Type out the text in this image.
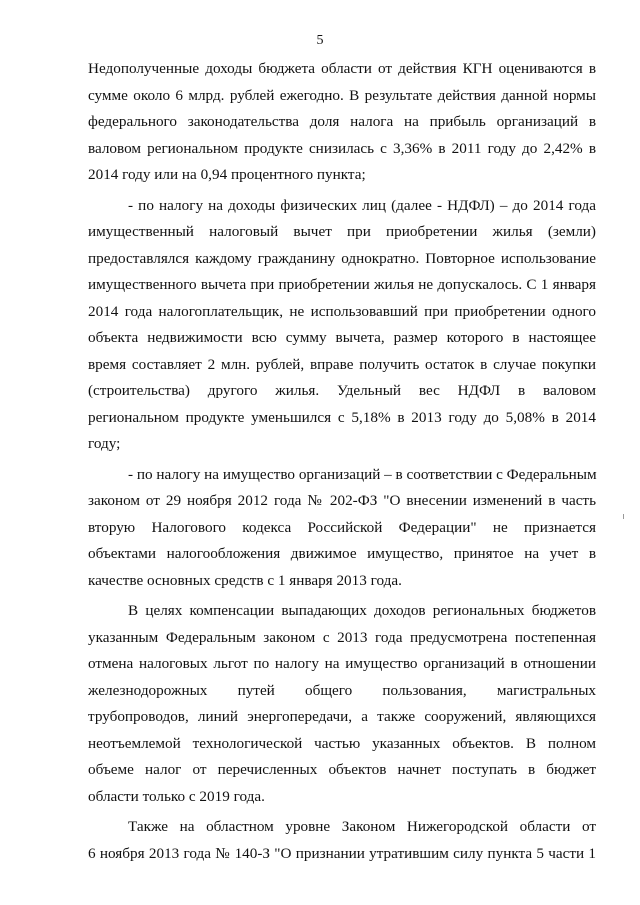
5
Недополученные доходы бюджета области от действия КГН оцениваются в
сумме около 6 млрд. рублей ежегодно. В результате действия данной нормы
федерального законодательства доля налога на прибыль организаций в
валовом региональном продукте снизилась с 3,36% в 2011 году до 2,42% в
2014 году или на 0,94 процентного пункта;
- по налогу на доходы физических лиц (далее - НДФЛ) – до 2014 года
имущественный налоговый вычет при приобретении жилья (земли)
предоставлялся каждому гражданину однократно. Повторное использование
имущественного вычета при приобретении жилья не допускалось. С 1 января
2014 года налогоплательщик, не использовавший при приобретении одного
объекта недвижимости всю сумму вычета, размер которого в настоящее
время составляет 2 млн. рублей, вправе получить остаток в случае покупки
(строительства) другого жилья. Удельный вес НДФЛ в валовом
региональном продукте уменьшился с 5,18% в 2013 году до 5,08% в 2014
году;
- по налогу на имущество организаций – в соответствии с Федеральным
законом от 29 ноября 2012 года № 202-ФЗ "О внесении изменений в часть
вторую Налогового кодекса Российской Федерации" не признается
объектами налогообложения движимое имущество, принятое на учет в
качестве основных средств с 1 января 2013 года.
В целях компенсации выпадающих доходов региональных бюджетов
указанным Федеральным законом с 2013 года предусмотрена постепенная
отмена налоговых льгот по налогу на имущество организаций в отношении
железнодорожных путей общего пользования, магистральных
трубопроводов, линий энергопередачи, а также сооружений, являющихся
неотъемлемой технологической частью указанных объектов. В полном
объеме налог от перечисленных объектов начнет поступать в бюджет
области только с 2019 года.
Также на областном уровне Законом Нижегородской области от
6 ноября 2013 года № 140-З "О признании утратившим силу пункта 5 части 1
